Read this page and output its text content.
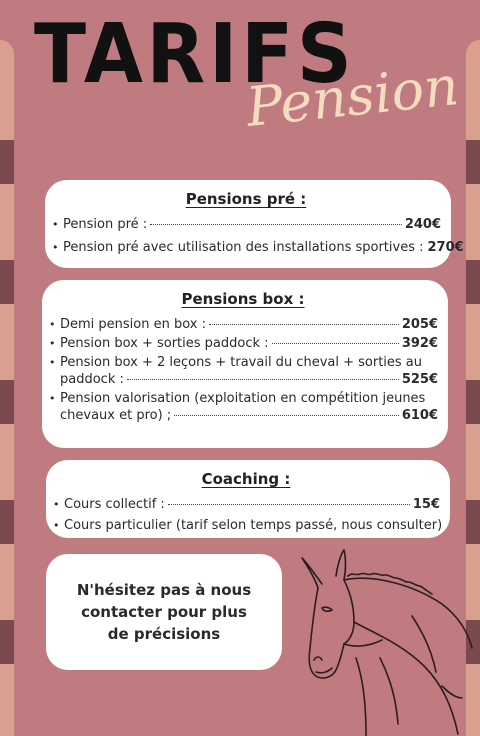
TARIFS
Pension
Pensions pré :
• Pension pré :	240€
• Pension pré avec utilisation des installations sportives : 270€
Pensions box :
• Demi pension en box :	205€
• Pension box + sorties paddock :	392€
• Pension box + 2 leçons + travail du cheval + sorties au
paddock :	525€
• Pension valorisation (exploitation en compétition jeunes
chevaux et pro) ;	610€
Coaching :
• Cours collectif :	15€
• Cours particulier (tarif selon temps passé, nous consulter)
N'hésitez pas à nous contacter pour plus de précisions
